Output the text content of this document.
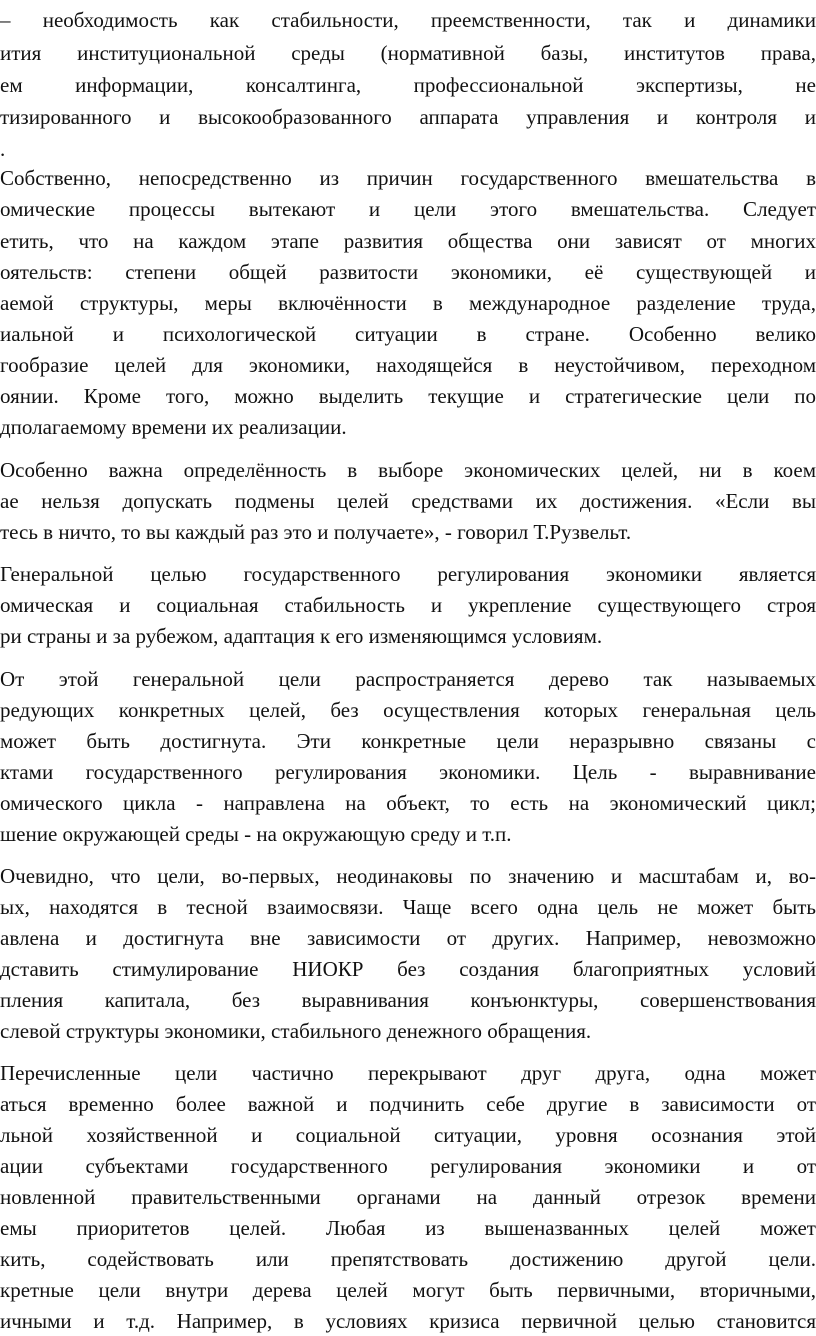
– необходимость как стабильности, преемственности, так и динамики
ития институциональной среды (нормативной базы, институтов права,
ем информации, консалтинга, профессиональной экспертизы, не
тизированного и высокообразованного аппарата управления и контроля и
.
Собственно, непосредственно из причин государственного вмешательства в
омические процессы вытекают и цели этого вмешательства. Следует
етить, что на каждом этапе развития общества они зависят от многих
оятельств: степени общей развитости экономики, её существующей и
аемой структуры, меры включённости в международное разделение труда,
иальной и психологической ситуации в стране. Особенно велико
гообразие целей для экономики, находящейся в неустойчивом, переходном
оянии. Кроме того, можно выделить текущие и стратегические цели по
дполагаемому времени их реализации.
Особенно важна определённость в выборе экономических целей, ни в коем
ае нельзя допускать подмены целей средствами их достижения. «Если вы
тесь в ничто, то вы каждый раз это и получаете», - говорил Т.Рузвельт.
Генеральной целью государственного регулирования экономики является
омическая и социальная стабильность и укрепление существующего строя
ри страны и за рубежом, адаптация к его изменяющимся условиям.
От этой генеральной цели распространяется дерево так называемых
редующих конкретных целей, без осуществления которых генеральная цель
может быть достигнута. Эти конкретные цели неразрывно связаны с
ктами государственного регулирования экономики. Цель - выравнивание
омического цикла - направлена на объект, то есть на экономический цикл;
шение окружающей среды - на окружающую среду и т.п.
Очевидно, что цели, во-первых, неодинаковы по значению и масштабам и, во-
ых, находятся в тесной взаимосвязи. Чаще всего одна цель не может быть
авлена и достигнута вне зависимости от других. Например, невозможно
дставить стимулирование НИОКР без создания благоприятных условий
пления капитала, без выравнивания конъюнктуры, совершенствования
слевой структуры экономики, стабильного денежного обращения.
Перечисленные цели частично перекрывают друг друга, одна может
аться временно более важной и подчинить себе другие в зависимости от
льной хозяйственной и социальной ситуации, уровня осознания этой
ации субъектами государственного регулирования экономики и от
новленной правительственными органами на данный отрезок времени
емы приоритетов целей. Любая из вышеназванных целей может
кить, содействовать или препятствовать достижению другой цели.
кретные цели внутри дерева целей могут быть первичными, вторичными,
ичными и т.д. Например, в условиях кризиса первичной целью становится
